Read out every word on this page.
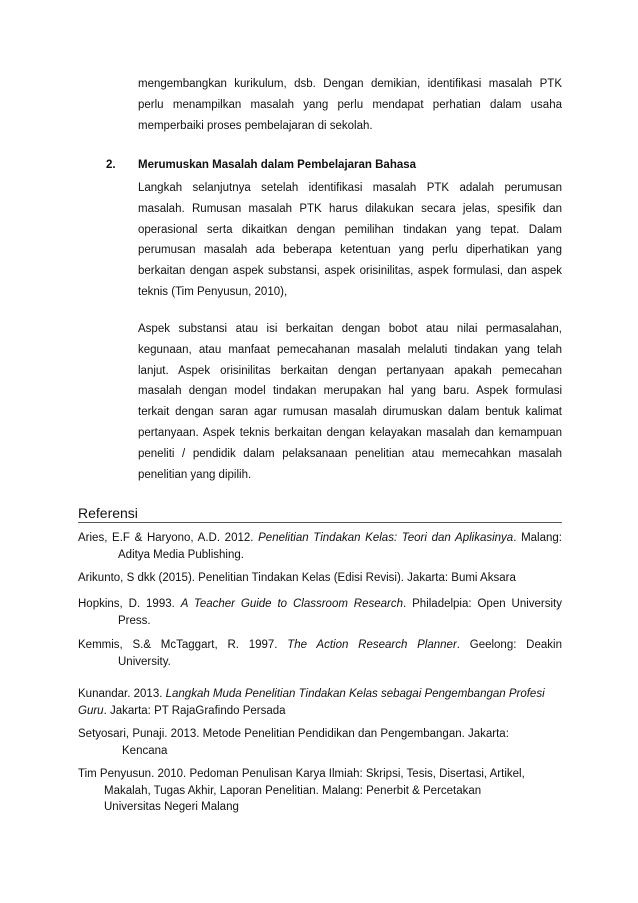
mengembangkan kurikulum, dsb. Dengan demikian, identifikasi masalah PTK
perlu menampilkan masalah yang perlu mendapat perhatian dalam usaha
memperbaiki proses pembelajaran di sekolah.
2. Merumuskan Masalah dalam Pembelajaran Bahasa
Langkah selanjutnya setelah identifikasi masalah PTK adalah perumusan
masalah. Rumusan masalah PTK harus dilakukan secara jelas, spesifik dan
operasional serta dikaitkan dengan pemilihan tindakan yang tepat. Dalam
perumusan masalah ada beberapa ketentuan yang perlu diperhatikan yang
berkaitan dengan aspek substansi, aspek orisinilitas, aspek formulasi, dan aspek
teknis (Tim Penyusun, 2010),
Aspek substansi atau isi berkaitan dengan bobot atau nilai permasalahan,
kegunaan, atau manfaat pemecahanan masalah melaluti tindakan yang telah
lanjut. Aspek orisinilitas berkaitan dengan pertanyaan apakah pemecahan
masalah dengan model tindakan merupakan hal yang baru. Aspek formulasi
terkait dengan saran agar rumusan masalah dirumuskan dalam bentuk kalimat
pertanyaan. Aspek teknis berkaitan dengan kelayakan masalah dan kemampuan
peneliti / pendidik dalam pelaksanaan penelitian atau memecahkan masalah
penelitian yang dipilih.
Referensi
Aries, E.F & Haryono, A.D. 2012. Penelitian Tindakan Kelas: Teori dan Aplikasinya. Malang:
Aditya Media Publishing.
Arikunto, S dkk (2015). Penelitian Tindakan Kelas (Edisi Revisi). Jakarta: Bumi Aksara
Hopkins, D. 1993. A Teacher Guide to Classroom Research. Philadelpia: Open University
Press.
Kemmis, S.& McTaggart, R. 1997. The Action Research Planner. Geelong: Deakin
University.
Kunandar. 2013. Langkah Muda Penelitian Tindakan Kelas sebagai Pengembangan Profesi
Guru. Jakarta: PT RajaGrafindo Persada
Setyosari, Punaji. 2013. Metode Penelitian Pendidikan dan Pengembangan. Jakarta:
Kencana
Tim Penyusun. 2010. Pedoman Penulisan Karya Ilmiah: Skripsi, Tesis, Disertasi, Artikel,
Makalah, Tugas Akhir, Laporan Penelitian. Malang: Penerbit & Percetakan
Universitas Negeri Malang
